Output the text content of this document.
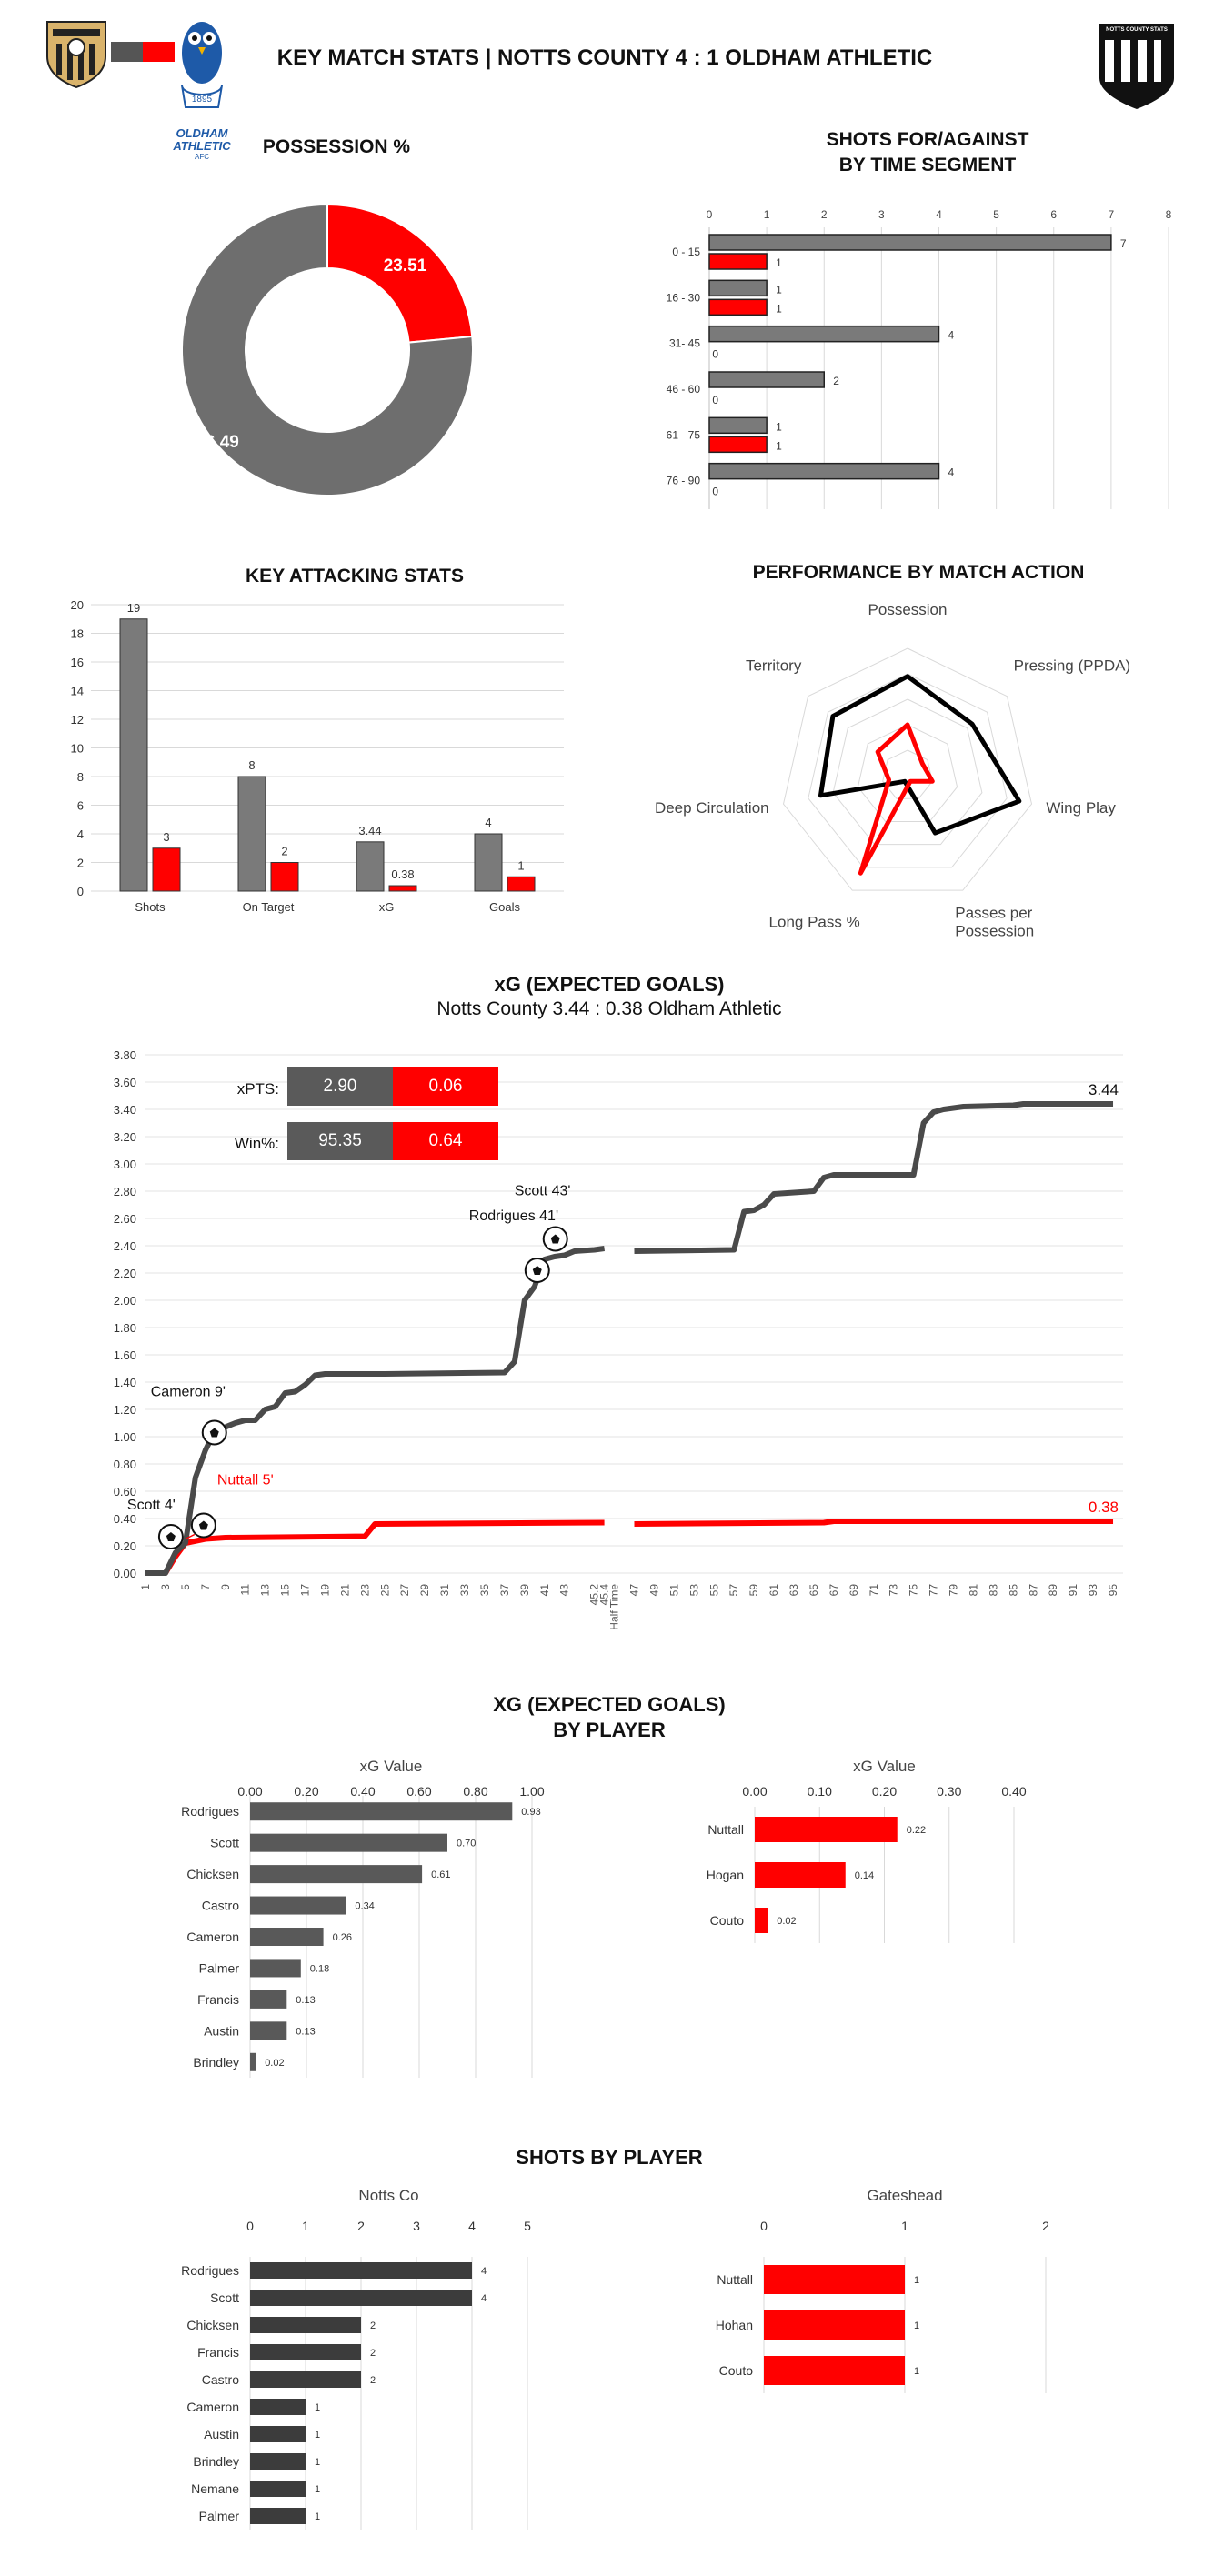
1895
OLDHAM ATHLETIC
AFC
KEY MATCH STATS | NOTTS COUNTY 4 : 1 OLDHAM ATHLETIC
NOTTS COUNTY STATS
POSSESSION %
23.51
76.49
SHOTS FOR/AGAINST
BY TIME SEGMENT
0	1	2	3	4	5	6	7	8
0 - 15
7
1
16 - 30
1
1
31- 45
4
0
46 - 60
2
0
61 - 75
1
1
76 - 90
4
0
KEY ATTACKING STATS
0
2
4
6
8
10
12
14
16
18
20
Shots
19
3
On Target
8
2
xG
3.44
0.38
Goals
4
1
PERFORMANCE BY MATCH ACTION
Possession
Pressing (PPDA)
Wing Play
Passes per
Possession
Long Pass %
Deep Circulation
Territory
xG (EXPECTED GOALS)
Notts County 3.44 : 0.38 Oldham Athletic
0.00
0.20
0.40
0.60
0.80
1.00
1.20
1.40
1.60
1.80
2.00
2.20
2.40
2.60
2.80
3.00
3.20
3.40
3.60
3.80
1 3 5 7 9 11 13 15 17 19 21 23 25 27 29 31 33 35 37 39 41 43 45.2
45.4
Half Time 47 49 51 53 55 57 59 61 63 65 67 69 71 73 75 77 79 81 83 85 87 89 91 93 95
3.44
0.38
Scott 4'
Cameron 9'
Rodrigues 41'
Scott 43'
Nuttall 5'
xPTS:	2.90	0.06
Win%:	95.35	0.64
XG (EXPECTED GOALS)
BY PLAYER
xG Value
0.00 0.20 0.40 0.60 0.80 1.00
Rodrigues	0.93
Scott	0.70
Chicksen	0.61
Castro	0.34
Cameron	0.26
Palmer	0.18
Francis	0.13
Austin	0.13
Brindley	0.02
xG Value
0.00	0.10	0.20	0.30	0.40
Nuttall	0.22
Hogan	0.14
Couto	0.02
SHOTS BY PLAYER
Notts Co
0	1	2	3	4	5
Rodrigues	4
Scott	4
Chicksen	2
Francis	2
Castro	2
Cameron	1
Austin	1
Brindley	1
Nemane	1
Palmer	1
Gateshead
0	1	2
Nuttall	1
Hohan	1
Couto	1
